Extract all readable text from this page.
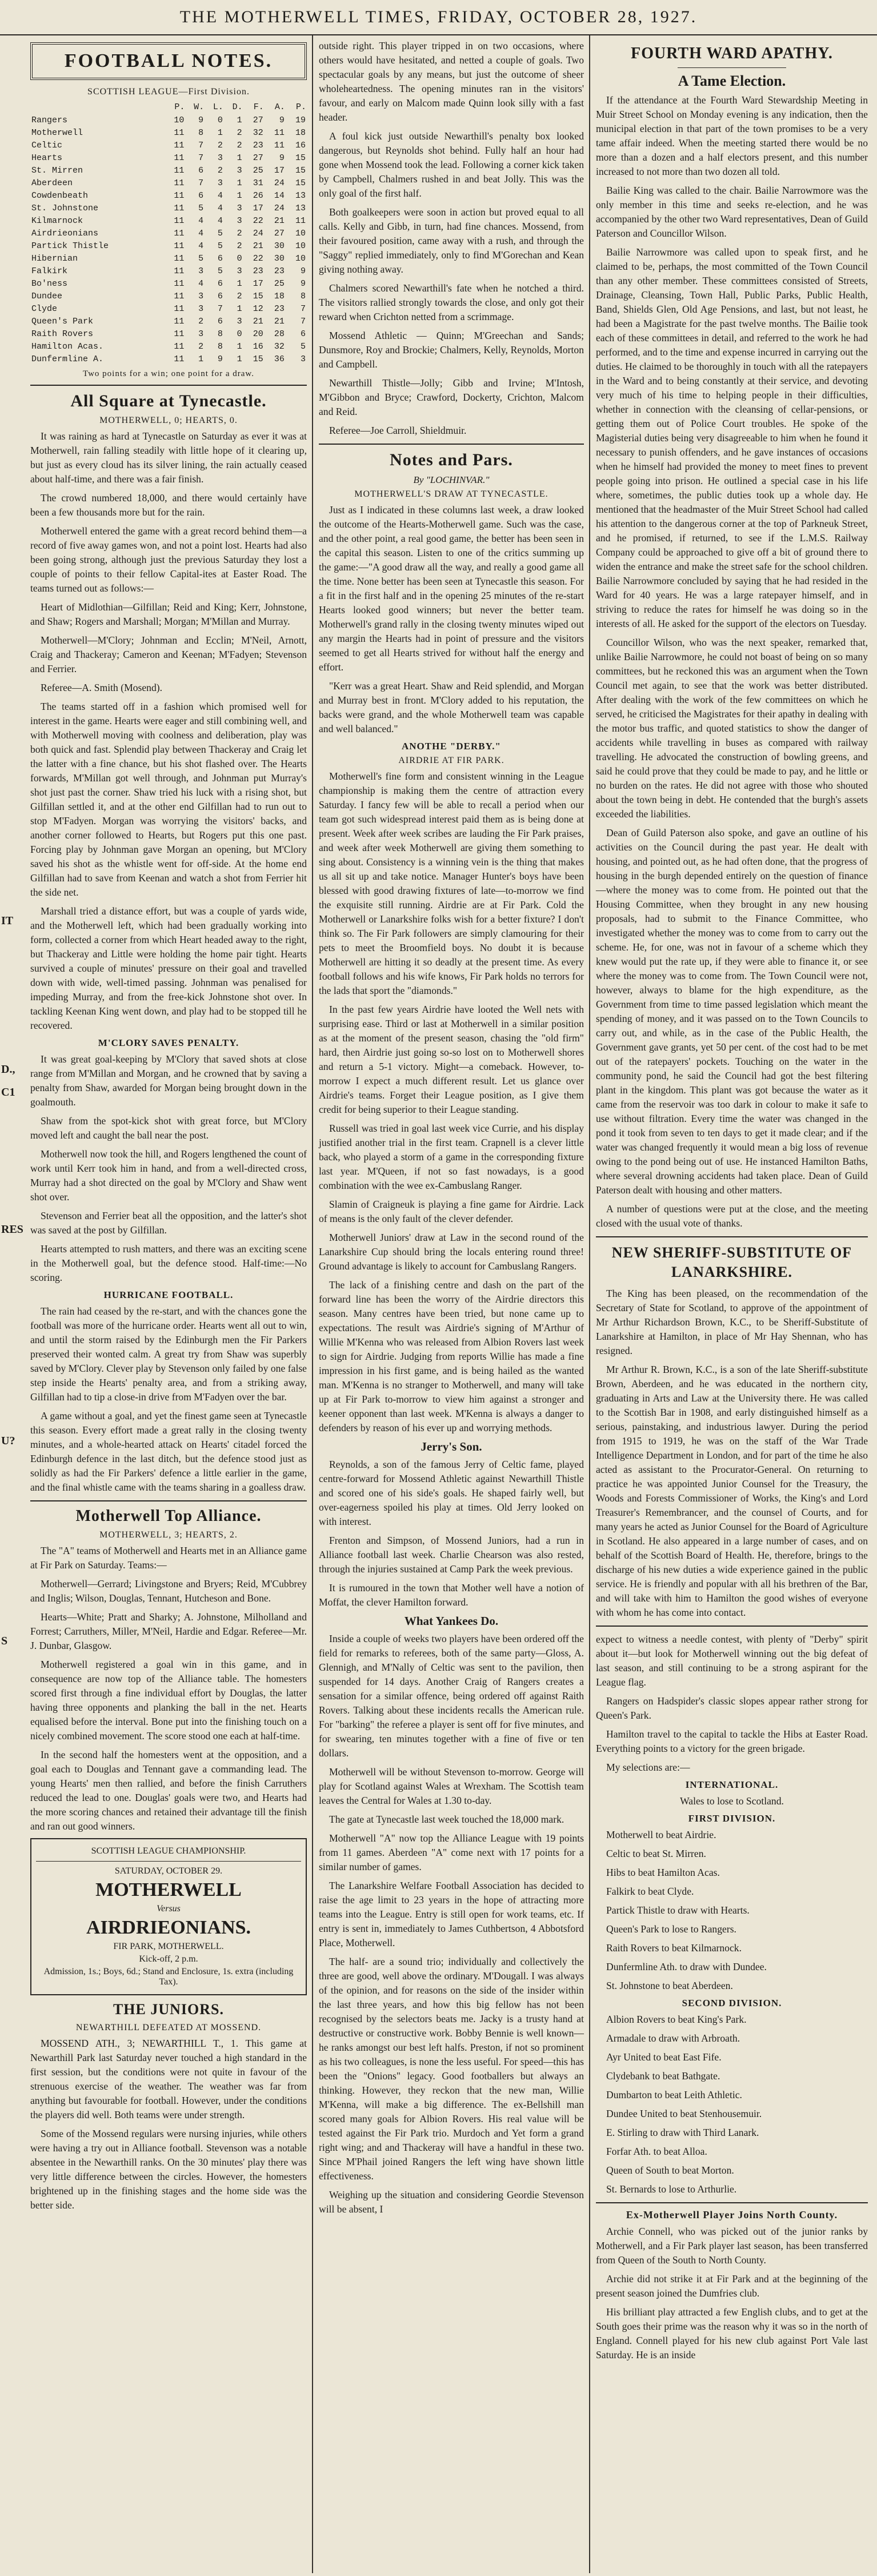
THE MOTHERWELL TIMES, FRIDAY, OCTOBER 28, 1927.
IT
D.,
C1
RES
U?
S
FOOTBALL NOTES.
SCOTTISH LEAGUE—First Division.
	P.	W.	L.	D.	F.	A.	P.
Rangers	10	9	0	1	27	9	19
Motherwell	11	8	1	2	32	11	18
Celtic	11	7	2	2	23	11	16
Hearts	11	7	3	1	27	9	15
St. Mirren	11	6	2	3	25	17	15
Aberdeen	11	7	3	1	31	24	15
Cowdenbeath	11	6	4	1	26	14	13
St. Johnstone	11	5	4	3	17	24	13
Kilmarnock	11	4	4	3	22	21	11
Airdrieonians	11	4	5	2	24	27	10
Partick Thistle	11	4	5	2	21	30	10
Hibernian	11	5	6	0	22	30	10
Falkirk	11	3	5	3	23	23	9
Bo'ness	11	4	6	1	17	25	9
Dundee	11	3	6	2	15	18	8
Clyde	11	3	7	1	12	23	7
Queen's Park	11	2	6	3	21	21	7
Raith Rovers	11	3	8	0	20	28	6
Hamilton Acas.	11	2	8	1	16	32	5
Dunfermline A.	11	1	9	1	15	36	3
Two points for a win; one point for a draw.
All Square at Tynecastle.
MOTHERWELL, 0; HEARTS, 0.

It was raining as hard at Tynecastle on Saturday as ever it was at Motherwell, rain falling steadily with little hope of it clearing up, but just as every cloud has its silver lining, the rain actually ceased about half-time, and there was a fair finish.

The crowd numbered 18,000, and there would certainly have been a few thousands more but for the rain.

Motherwell entered the game with a great record behind them—a record of five away games won, and not a point lost. Hearts had also been going strong, although just the previous Saturday they lost a couple of points to their fellow Capital-ites at Easter Road. The teams turned out as follows:—

Heart of Midlothian—Gilfillan; Reid and King; Kerr, Johnstone, and Shaw; Rogers and Marshall; Morgan; M'Millan and Murray.

Motherwell—M'Clory; Johnman and Ecclin; M'Neil, Arnott, Craig and Thackeray; Cameron and Keenan; M'Fadyen; Stevenson and Ferrier.

Referee—A. Smith (Mosend).

The teams started off in a fashion which promised well for interest in the game. Hearts were eager and still combining well, and with Motherwell moving with coolness and deliberation, play was both quick and fast. Splendid play between Thackeray and Craig let the latter with a fine chance, but his shot flashed over. The Hearts forwards, M'Millan got well through, and Johnman put Murray's shot just past the corner. Shaw tried his luck with a rising shot, but Gilfillan settled it, and at the other end Gilfillan had to run out to stop M'Fadyen. Morgan was worrying the visitors' backs, and another corner followed to Hearts, but Rogers put this one past. Forcing play by Johnman gave Morgan an opening, but M'Clory saved his shot as the whistle went for off-side. At the home end Gilfillan had to save from Keenan and watch a shot from Ferrier hit the side net.

Marshall tried a distance effort, but was a couple of yards wide, and the Motherwell left, which had been gradually working into form, collected a corner from which Heart headed away to the right, but Thackeray and Little were holding the home pair tight. Hearts survived a couple of minutes' pressure on their goal and travelled down with wide, well-timed passing. Johnman was penalised for impeding Murray, and from the free-kick Johnstone shot over. In tackling Keenan King went down, and play had to be stopped till he recovered.

M'CLORY SAVES PENALTY.

It was great goal-keeping by M'Clory that saved shots at close range from M'Millan and Morgan, and he crowned that by saving a penalty from Shaw, awarded for Morgan being brought down in the goalmouth.

Shaw from the spot-kick shot with great force, but M'Clory moved left and caught the ball near the post.

Motherwell now took the hill, and Rogers lengthened the count of work until Kerr took him in hand, and from a well-directed cross, Murray had a shot directed on the goal by M'Clory and Shaw went shot over.

Stevenson and Ferrier beat all the opposition, and the latter's shot was saved at the post by Gilfillan.

Hearts attempted to rush matters, and there was an exciting scene in the Motherwell goal, but the defence stood. Half-time:—No scoring.

HURRICANE FOOTBALL.

The rain had ceased by the re-start, and with the chances gone the football was more of the hurricane order. Hearts went all out to win, and until the storm raised by the Edinburgh men the Fir Parkers preserved their wonted calm. A great try from Shaw was superbly saved by M'Clory. Clever play by Stevenson only failed by one false step inside the Hearts' penalty area, and from a striking away, Gilfillan had to tip a close-in drive from M'Fadyen over the bar.

A game without a goal, and yet the finest game seen at Tynecastle this season. Every effort made a great rally in the closing twenty minutes, and a whole-hearted attack on Hearts' citadel forced the Edinburgh defence in the last ditch, but the defence stood just as solidly as had the Fir Parkers' defence a little earlier in the game, and the final whistle came with the teams sharing in a goalless draw.

Motherwell Top Alliance.
MOTHERWELL, 3; HEARTS, 2.

The "A" teams of Motherwell and Hearts met in an Alliance game at Fir Park on Saturday. Teams:—

Motherwell—Gerrard; Livingstone and Bryers; Reid, M'Cubbrey and Inglis; Wilson, Douglas, Tennant, Hutcheson and Bone.

Hearts—White; Pratt and Sharky; A. Johnstone, Milholland and Forrest; Carruthers, Miller, M'Neil, Hardie and Edgar. Referee—Mr. J. Dunbar, Glasgow.

Motherwell registered a goal win in this game, and in consequence are now top of the Alliance table. The homesters scored first through a fine individual effort by Douglas, the latter having three opponents and planking the ball in the net. Hearts equalised before the interval. Bone put into the finishing touch on a nicely combined movement. The score stood one each at half-time.

In the second half the homesters went at the opposition, and a goal each to Douglas and Tennant gave a commanding lead. The young Hearts' men then rallied, and before the finish Carruthers reduced the lead to one. Douglas' goals were two, and Hearts had the more scoring chances and retained their advantage till the finish and ran out good winners.

SCOTTISH LEAGUE CHAMPIONSHIP.
SATURDAY, OCTOBER 29.
MOTHERWELL
Versus
AIRDRIEONIANS.
FIR PARK, MOTHERWELL.
Kick-off, 2 p.m.
Admission, 1s.; Boys, 6d.; Stand and Enclosure, 1s. extra (including Tax).
THE JUNIORS.
NEWARTHILL DEFEATED AT MOSSEND.

MOSSEND ATH., 3; NEWARTHILL T., 1. This game at Newarthill Park last Saturday never touched a high standard in the first session, but the conditions were not quite in favour of the strenuous exercise of the weather. The weather was far from anything but favourable for football. However, under the conditions the players did well. Both teams were under strength.

Some of the Mossend regulars were nursing injuries, while others were having a try out in Alliance football. Stevenson was a notable absentee in the Newarthill ranks. On the 30 minutes' play there was very little difference between the circles. However, the homesters brightened up in the finishing stages and the home side was the better side.

outside right. This player tripped in on two occasions, where others would have hesitated, and netted a couple of goals. Two spectacular goals by any means, but just the outcome of sheer wholeheartedness. The opening minutes ran in the visitors' favour, and early on Malcom made Quinn look silly with a fast header.

A foul kick just outside Newarthill's penalty box looked dangerous, but Reynolds shot behind. Fully half an hour had gone when Mossend took the lead. Following a corner kick taken by Campbell, Chalmers rushed in and beat Jolly. This was the only goal of the first half.

Both goalkeepers were soon in action but proved equal to all calls. Kelly and Gibb, in turn, had fine chances. Mossend, from their favoured position, came away with a rush, and through the "Saggy" replied immediately, only to find M'Gorechan and Kean giving nothing away.

Chalmers scored Newarthill's fate when he notched a third. The visitors rallied strongly towards the close, and only got their reward when Crichton netted from a scrimmage.

Mossend Athletic — Quinn; M'Greechan and Sands; Dunsmore, Roy and Brockie; Chalmers, Kelly, Reynolds, Morton and Campbell.

Newarthill Thistle—Jolly; Gibb and Irvine; M'Intosh, M'Gibbon and Bryce; Crawford, Dockerty, Crichton, Malcom and Reid.

Referee—Joe Carroll, Shieldmuir.

Notes and Pars.
By "LOCHINVAR."
MOTHERWELL'S DRAW AT TYNECASTLE.

Just as I indicated in these columns last week, a draw looked the outcome of the Hearts-Motherwell game. Such was the case, and the other point, a real good game, the better has been seen in the capital this season. Listen to one of the critics summing up the game:—"A good draw all the way, and really a good game all the time. None better has been seen at Tynecastle this season. For a fit in the first half and in the opening 25 minutes of the re-start Hearts looked good winners; but never the better team. Motherwell's grand rally in the closing twenty minutes wiped out any margin the Hearts had in point of pressure and the visitors seemed to get all Hearts strived for without half the energy and effort.

"Kerr was a great Heart. Shaw and Reid splendid, and Morgan and Murray best in front. M'Clory added to his reputation, the backs were grand, and the whole Motherwell team was capable and well balanced."

ANOTHE "DERBY."
AIRDRIE AT FIR PARK.

Motherwell's fine form and consistent winning in the League championship is making them the centre of attraction every Saturday. I fancy few will be able to recall a period when our team got such widespread interest paid them as is being done at present. Week after week scribes are lauding the Fir Park praises, and week after week Motherwell are giving them something to sing about. Consistency is a winning vein is the thing that makes us all sit up and take notice. Manager Hunter's boys have been blessed with good drawing fixtures of late—to-morrow we find the exquisite still running. Airdrie are at Fir Park. Cold the Motherwell or Lanarkshire folks wish for a better fixture? I don't think so. The Fir Park followers are simply clamouring for their pets to meet the Broomfield boys. No doubt it is because Motherwell are hitting it so deadly at the present time. As every football follows and his wife knows, Fir Park holds no terrors for the lads that sport the "diamonds."

In the past few years Airdrie have looted the Well nets with surprising ease. Third or last at Motherwell in a similar position as at the moment of the present season, chasing the "old firm" hard, then Airdrie just going so-so lost on to Motherwell shores and return a 5-1 victory. Might—a comeback. However, to-morrow I expect a much different result. Let us glance over Airdrie's teams. Forget their League position, as I give them credit for being superior to their League standing.

Russell was tried in goal last week vice Currie, and his display justified another trial in the first team. Crapnell is a clever little back, who played a storm of a game in the corresponding fixture last year. M'Queen, if not so fast nowadays, is a good combination with the wee ex-Cambuslang Ranger.

Slamin of Craigneuk is playing a fine game for Airdrie. Lack of means is the only fault of the clever defender.

Motherwell Juniors' draw at Law in the second round of the Lanarkshire Cup should bring the locals entering round three! Ground advantage is likely to account for Cambuslang Rangers.

The lack of a finishing centre and dash on the part of the forward line has been the worry of the Airdrie directors this season. Many centres have been tried, but none came up to expectations. The result was Airdrie's signing of M'Arthur of Willie M'Kenna who was released from Albion Rovers last week to sign for Airdrie. Judging from reports Willie has made a fine impression in his first game, and is being hailed as the wanted man. M'Kenna is no stranger to Motherwell, and many will take up at Fir Park to-morrow to view him against a stronger and keener opponent than last week. M'Kenna is always a danger to defenders by reason of his ever up and worrying methods.

Jerry's Son.

Reynolds, a son of the famous Jerry of Celtic fame, played centre-forward for Mossend Athletic against Newarthill Thistle and scored one of his side's goals. He shaped fairly well, but over-eagerness spoiled his play at times. Old Jerry looked on with interest.

Frenton and Simpson, of Mossend Juniors, had a run in Alliance football last week. Charlie Chearson was also rested, through the injuries sustained at Camp Park the week previous.

It is rumoured in the town that Mother well have a notion of Moffat, the clever Hamilton forward.

What Yankees Do.

Inside a couple of weeks two players have been ordered off the field for remarks to referees, both of the same party—Gloss, A. Glennigh, and M'Nally of Celtic was sent to the pavilion, then suspended for 14 days. Another Craig of Rangers creates a sensation for a similar offence, being ordered off against Raith Rovers. Talking about these incidents recalls the American rule. For "barking" the referee a player is sent off for five minutes, and for swearing, ten minutes together with a fine of five or ten dollars.

Motherwell will be without Stevenson to-morrow. George will play for Scotland against Wales at Wrexham. The Scottish team leaves the Central for Wales at 1.30 to-day.

The gate at Tynecastle last week touched the 18,000 mark.

Motherwell "A" now top the Alliance League with 19 points from 11 games. Aberdeen "A" come next with 17 points for a similar number of games.

The Lanarkshire Welfare Football Association has decided to raise the age limit to 23 years in the hope of attracting more teams into the League. Entry is still open for work teams, etc. If entry is sent in, immediately to James Cuthbertson, 4 Abbotsford Place, Motherwell.

The half- are a sound trio; individually and collectively the three are good, well above the ordinary. M'Dougall. I was always of the opinion, and for reasons on the side of the insider within the last three years, and how this big fellow has not been recognised by the selectors beats me. Jacky is a trusty hand at destructive or constructive work. Bobby Bennie is well known—he ranks amongst our best left halfs. Preston, if not so prominent as his two colleagues, is none the less useful. For speed—this has been the "Onions" legacy. Good footballers but always an thinking. However, they reckon that the new man, Willie M'Kenna, will make a big difference. The ex-Bellshill man scored many goals for Albion Rovers. His real value will be tested against the Fir Park trio. Murdoch and Yet form a grand right wing; and and Thackeray will have a handful in these two. Since M'Phail joined Rangers the left wing have shown little effectiveness.

Weighing up the situation and considering Geordie Stevenson will be absent, I

FOURTH WARD APATHY.
A Tame Election.

If the attendance at the Fourth Ward Stewardship Meeting in Muir Street School on Monday evening is any indication, then the municipal election in that part of the town promises to be a very tame affair indeed. When the meeting started there would be no more than a dozen and a half electors present, and this number increased to not more than two dozen all told.

Bailie King was called to the chair. Bailie Narrowmore was the only member in this time and seeks re-election, and he was accompanied by the other two Ward representatives, Dean of Guild Paterson and Councillor Wilson.

Bailie Narrowmore was called upon to speak first, and he claimed to be, perhaps, the most committed of the Town Council than any other member. These committees consisted of Streets, Drainage, Cleansing, Town Hall, Public Parks, Public Health, Band, Shields Glen, Old Age Pensions, and last, but not least, he had been a Magistrate for the past twelve months. The Bailie took each of these committees in detail, and referred to the work he had performed, and to the time and expense incurred in carrying out the duties. He claimed to be thoroughly in touch with all the ratepayers in the Ward and to being constantly at their service, and devoting very much of his time to helping people in their difficulties, whether in connection with the cleansing of cellar-pensions, or getting them out of Police Court troubles. He spoke of the Magisterial duties being very disagreeable to him when he found it necessary to punish offenders, and he gave instances of occasions when he himself had provided the money to meet fines to prevent people going into prison. He outlined a special case in his life where, sometimes, the public duties took up a whole day. He mentioned that the headmaster of the Muir Street School had called his attention to the dangerous corner at the top of Parkneuk Street, and he promised, if returned, to see if the L.M.S. Railway Company could be approached to give off a bit of ground there to widen the entrance and make the street safe for the school children. Bailie Narrowmore concluded by saying that he had resided in the Ward for 40 years. He was a large ratepayer himself, and in striving to reduce the rates for himself he was doing so in the interests of all. He asked for the support of the electors on Tuesday.

Councillor Wilson, who was the next speaker, remarked that, unlike Bailie Narrowmore, he could not boast of being on so many committees, but he reckoned this was an argument when the Town Council met again, to see that the work was better distributed. After dealing with the work of the few committees on which he served, he criticised the Magistrates for their apathy in dealing with the motor bus traffic, and quoted statistics to show the danger of accidents while travelling in buses as compared with railway travelling. He advocated the construction of bowling greens, and said he could prove that they could be made to pay, and he little or no burden on the rates. He did not agree with those who shouted about the town being in debt. He contended that the burgh's assets exceeded the liabilities.

Dean of Guild Paterson also spoke, and gave an outline of his activities on the Council during the past year. He dealt with housing, and pointed out, as he had often done, that the progress of housing in the burgh depended entirely on the question of finance—where the money was to come from. He pointed out that the Housing Committee, when they brought in any new housing proposals, had to submit to the Finance Committee, who investigated whether the money was to come from to carry out the scheme. He, for one, was not in favour of a scheme which they knew would put the rate up, if they were able to finance it, or see where the money was to come from. The Town Council were not, however, always to blame for the high expenditure, as the Government from time to time passed legislation which meant the spending of money, and it was passed on to the Town Councils to carry out, and while, as in the case of the Public Health, the Government gave grants, yet 50 per cent. of the cost had to be met out of the ratepayers' pockets. Touching on the water in the community pond, he said the Council had got the best filtering plant in the kingdom. This plant was got because the water as it came from the reservoir was too dark in colour to make it safe to use without filtration. Every time the water was changed in the pond it took from seven to ten days to get it made clear; and if the water was changed frequently it would mean a big loss of revenue owing to the pond being out of use. He instanced Hamilton Baths, where several drowning accidents had taken place. Dean of Guild Paterson dealt with housing and other matters.

A number of questions were put at the close, and the meeting closed with the usual vote of thanks.

NEW SHERIFF-SUBSTITUTE OF LANARKSHIRE.

The King has been pleased, on the recommendation of the Secretary of State for Scotland, to approve of the appointment of Mr Arthur Richardson Brown, K.C., to be Sheriff-Substitute of Lanarkshire at Hamilton, in place of Mr Hay Shennan, who has resigned.

Mr Arthur R. Brown, K.C., is a son of the late Sheriff-substitute Brown, Aberdeen, and he was educated in the northern city, graduating in Arts and Law at the University there. He was called to the Scottish Bar in 1908, and early distinguished himself as a serious, painstaking, and industrious lawyer. During the period from 1915 to 1919, he was on the staff of the War Trade Intelligence Department in London, and for part of the time he also acted as assistant to the Procurator-General. On returning to practice he was appointed Junior Counsel for the Treasury, the Woods and Forests Commissioner of Works, the King's and Lord Treasurer's Remembrancer, and the counsel of Courts, and for many years he acted as Junior Counsel for the Board of Agriculture in Scotland. He also appeared in a large number of cases, and on behalf of the Scottish Board of Health. He, therefore, brings to the discharge of his new duties a wide experience gained in the public service. He is friendly and popular with all his brethren of the Bar, and will take with him to Hamilton the good wishes of everyone with whom he has come into contact.

expect to witness a needle contest, with plenty of "Derby" spirit about it—but look for Motherwell winning out the big defeat of last season, and still continuing to be a strong aspirant for the League flag.

Rangers on Hadspider's classic slopes appear rather strong for Queen's Park.

Hamilton travel to the capital to tackle the Hibs at Easter Road. Everything points to a victory for the green brigade.

My selections are:—

INTERNATIONAL.

Wales to lose to Scotland.

FIRST DIVISION.

Motherwell to beat Airdrie.

Celtic to beat St. Mirren.

Hibs to beat Hamilton Acas.

Falkirk to beat Clyde.

Partick Thistle to draw with Hearts.

Queen's Park to lose to Rangers.

Raith Rovers to beat Kilmarnock.

Dunfermline Ath. to draw with Dundee.

St. Johnstone to beat Aberdeen.

SECOND DIVISION.

Albion Rovers to beat King's Park.

Armadale to draw with Arbroath.

Ayr United to beat East Fife.

Clydebank to beat Bathgate.

Dumbarton to beat Leith Athletic.

Dundee United to beat Stenhousemuir.

E. Stirling to draw with Third Lanark.

Forfar Ath. to beat Alloa.

Queen of South to beat Morton.

St. Bernards to lose to Arthurlie.

Ex-Motherwell Player Joins North County.

Archie Connell, who was picked out of the junior ranks by Motherwell, and a Fir Park player last season, has been transferred from Queen of the South to North County.

Archie did not strike it at Fir Park and at the beginning of the present season joined the Dumfries club.

His brilliant play attracted a few English clubs, and to get at the South goes their prime was the reason why it was so in the north of England. Connell played for his new club against Port Vale last Saturday. He is an inside
